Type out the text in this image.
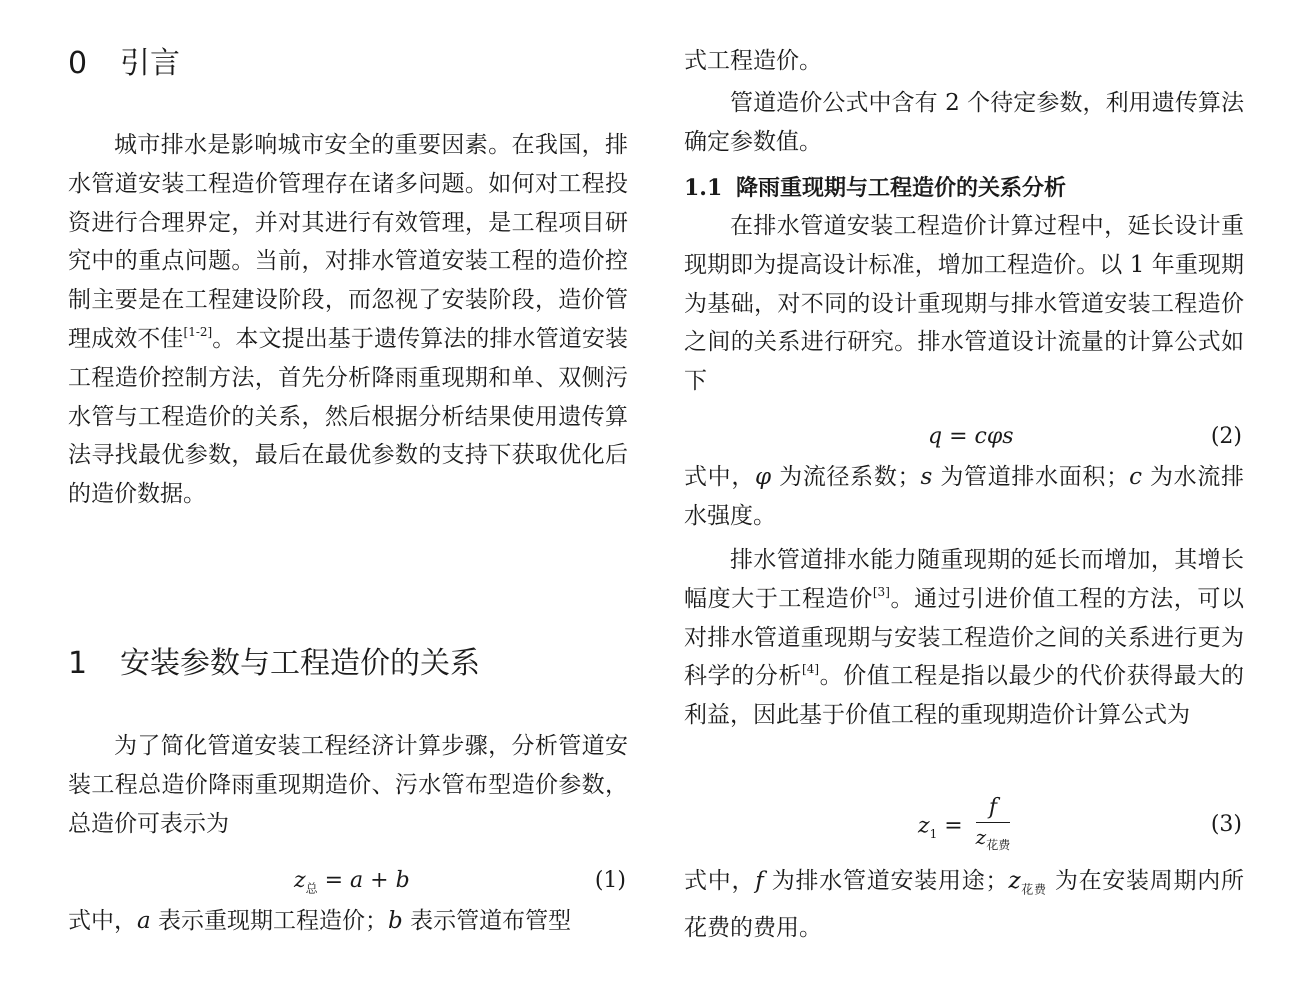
0 引言
城市排水是影响城市安全的重要因素。在我国，排水管道安装工程造价管理存在诸多问题。如何对工程投资进行合理界定，并对其进行有效管理，是工程项目研究中的重点问题。当前，对排水管道安装工程的造价控制主要是在工程建设阶段，而忽视了安装阶段，造价管理成效不佳[1-2]。本文提出基于遗传算法的排水管道安装工程造价控制方法，首先分析降雨重现期和单、双侧污水管与工程造价的关系，然后根据分析结果使用遗传算法寻找最优参数，最后在最优参数的支持下获取优化后的造价数据。
1 安装参数与工程造价的关系
为了简化管道安装工程经济计算步骤，分析管道安装工程总造价降雨重现期造价、污水管布型造价参数，总造价可表示为
$z_总 = a + b$	(1)
式中，a 表示重现期工程造价；b 表示管道布管型
式工程造价。
管道造价公式中含有 2 个待定参数，利用遗传算法确定参数值。
1.1 降雨重现期与工程造价的关系分析
在排水管道安装工程造价计算过程中，延长设计重现期即为提高设计标准，增加工程造价。以 1 年重现期为基础，对不同的设计重现期与排水管道安装工程造价之间的关系进行研究。排水管道设计流量的计算公式如下
q = cφs	(2)
式中，φ 为流径系数；s 为管道排水面积；c 为水流排水强度。
排水管道排水能力随重现期的延长而增加，其增长幅度大于工程造价[3]。通过引进价值工程的方法，可以对排水管道重现期与安装工程造价之间的关系进行更为科学的分析[4]。价值工程是指以最少的代价获得最大的利益，因此基于价值工程的重现期造价计算公式为
$z_1 = \frac{f}{z_{花费}}$	(3)
式中，f 为排水管道安装用途；$z_{花费}$ 为在安装周期内所花费的费用。
